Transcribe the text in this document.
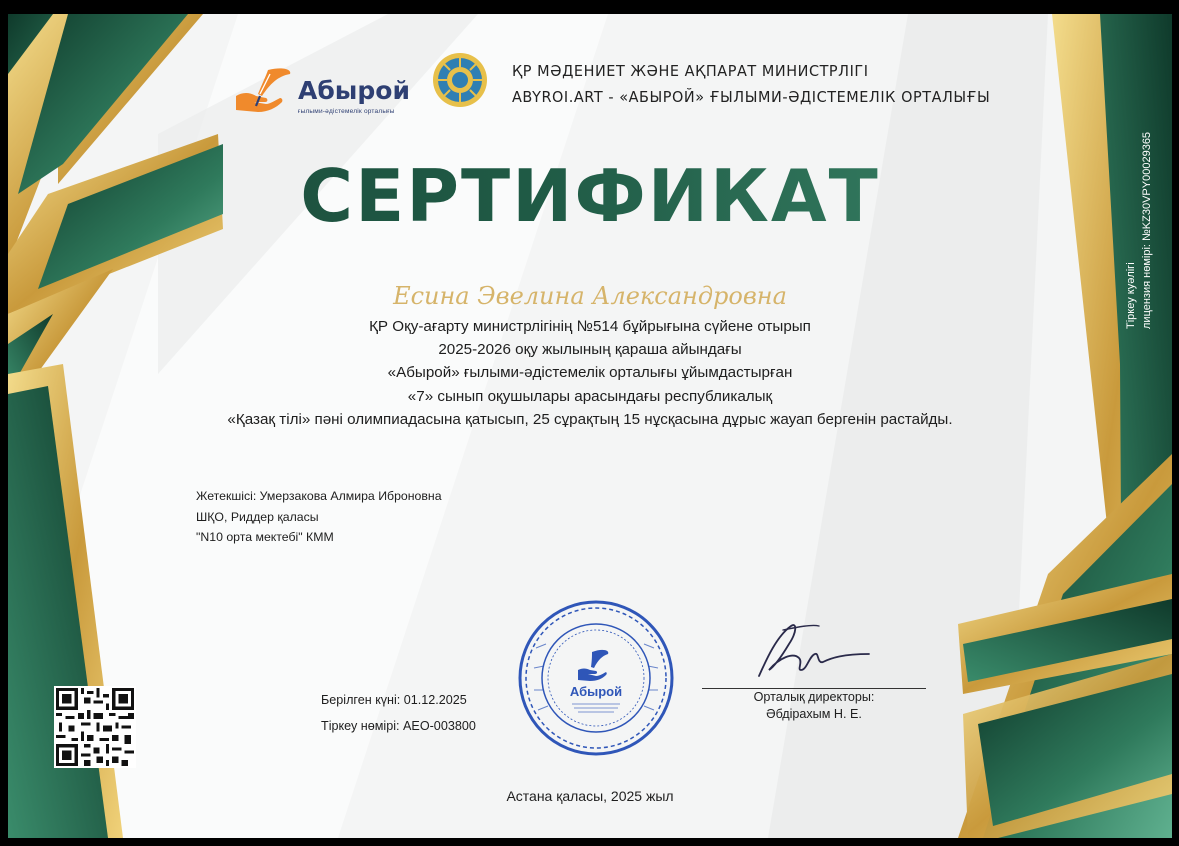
Абырой
ғылыми-әдістемелік орталығы
ҚР МӘДЕНИЕТ ЖӘНЕ АҚПАРАТ МИНИСТРЛІГІ
ABYROI.ART - «АБЫРОЙ» ҒЫЛЫМИ-ӘДІСТЕМЕЛІК ОРТАЛЫҒЫ
СЕРТИФИКАТ
Есина Эвелина Александровна
ҚР Оқу-ағарту министрлігінің №514 бұйрығына сүйене отырып
2025-2026 оқу жылының қараша айындағы
«Абырой» ғылыми-әдістемелік орталығы ұйымдастырған
«7» сынып оқушылары арасындағы республикалық
«Қазақ тілі» пәні олимпиадасына қатысып, 25 сұрақтың 15 нұсқасына дұрыс жауап бергенін растайды.
Жетекшісі: Умерзакова Алмира Иброновна
ШҚО, Риддер қаласы
"N10 орта мектебі" КММ
Тіркеу куәлігі лицензия нөмірі: №KZ30VPY00029365
Берілген күні: 01.12.2025
Тіркеу нөмірі: АЕО-003800
Абырой	Орталық директоры:
Әбдірахым Н. Е.
Астана қаласы, 2025 жыл
